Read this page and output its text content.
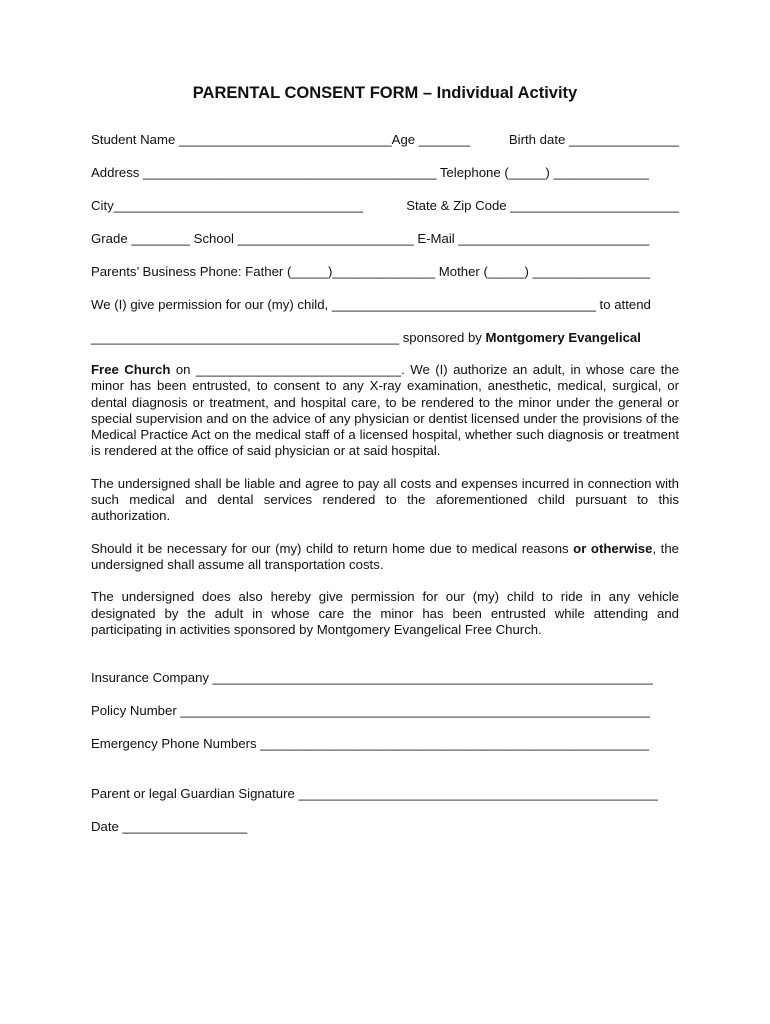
PARENTAL CONSENT FORM – Individual Activity
Student Name _____________________________Age _______	Birth date _______________
Address ________________________________________ Telephone (_____) _____________
City__________________________________	State & Zip Code _______________________
Grade ________ School ________________________ E-Mail __________________________
Parents’ Business Phone: Father (_____)______________ Mother (_____) ________________
We (I) give permission for our (my) child, ____________________________________ to attend
__________________________________________ sponsored by Montgomery Evangelical

Free Church on ____________________________. We (I) authorize an adult, in whose care the minor has been entrusted, to consent to any X-ray examination, anesthetic, medical, surgical, or dental diagnosis or treatment, and hospital care, to be rendered to the minor under the general or special supervision and on the advice of any physician or dentist licensed under the provisions of the Medical Practice Act on the medical staff of a licensed hospital, whether such diagnosis or treatment is rendered at the office of said physician or at said hospital.

The undersigned shall be liable and agree to pay all costs and expenses incurred in connection with such medical and dental services rendered to the aforementioned child pursuant to this authorization.

Should it be necessary for our (my) child to return home due to medical reasons or otherwise, the undersigned shall assume all transportation costs.

The undersigned does also hereby give permission for our (my) child to ride in any vehicle designated by the adult in whose care the minor has been entrusted while attending and participating in activities sponsored by Montgomery Evangelical Free Church.

Insurance Company ____________________________________________________________
Policy Number ________________________________________________________________
Emergency Phone Numbers _____________________________________________________
Parent or legal Guardian Signature _________________________________________________
Date _________________
